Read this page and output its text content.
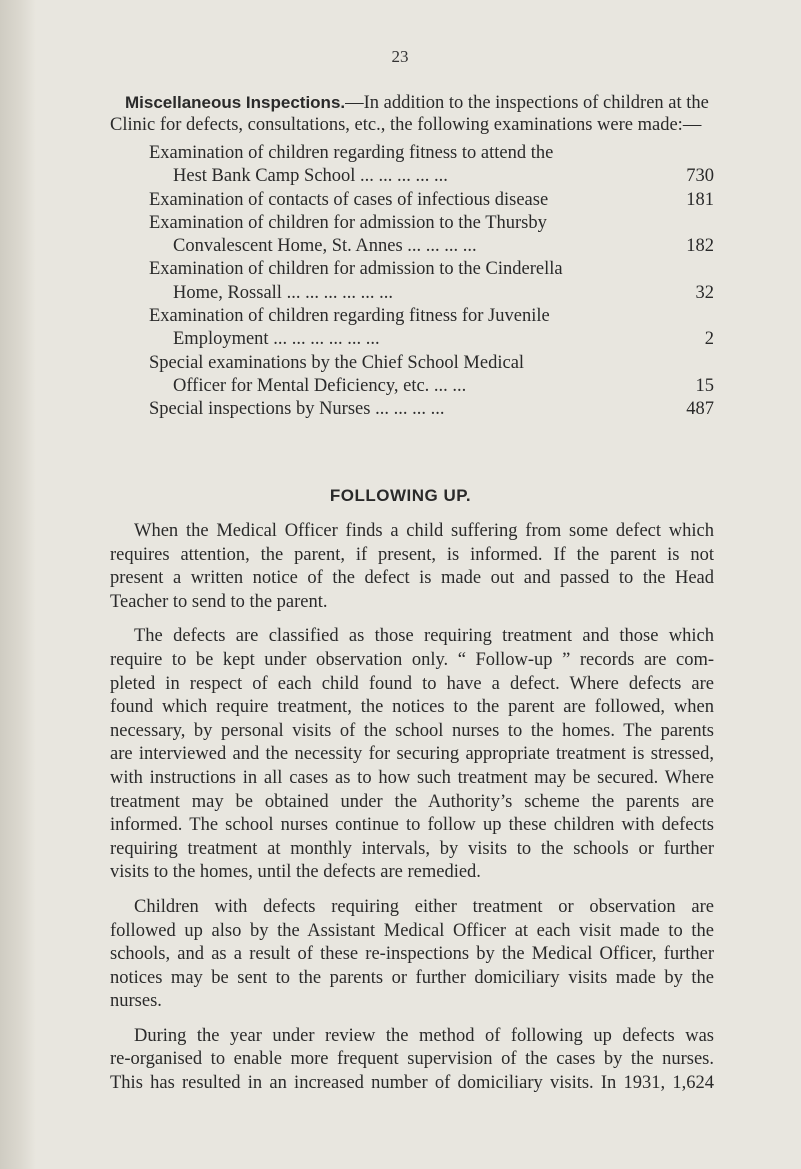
23
Miscellaneous Inspections.—In addition to the inspections of children at the Clinic for defects, consultations, etc., the following examinations were made:—
Examination of children regarding fitness to attend the
Hest Bank Camp School ... ... ... ... ...	730
Examination of contacts of cases of infectious disease	181
Examination of children for admission to the Thursby
Convalescent Home, St. Annes ... ... ... ...	182
Examination of children for admission to the Cinderella
Home, Rossall ... ... ... ... ... ...	32
Examination of children regarding fitness for Juvenile
Employment ... ... ... ... ... ...	2
Special examinations by the Chief School Medical
Officer for Mental Deficiency, etc. ... ...	15
Special inspections by Nurses ... ... ... ...	487
FOLLOWING UP.
When the Medical Officer finds a child suffering from some defect which
requires attention, the parent, if present, is informed. If the parent is not
present a written notice of the defect is made out and passed to the Head
Teacher to send to the parent.
The defects are classified as those requiring treatment and those which
require to be kept under observation only. “ Follow-up ” records are com-
pleted in respect of each child found to have a defect. Where defects are
found which require treatment, the notices to the parent are followed, when
necessary, by personal visits of the school nurses to the homes. The parents
are interviewed and the necessity for securing appropriate treatment is stressed,
with instructions in all cases as to how such treatment may be secured. Where
treatment may be obtained under the Authority’s scheme the parents are
informed. The school nurses continue to follow up these children with defects
requiring treatment at monthly intervals, by visits to the schools or further
visits to the homes, until the defects are remedied.
Children with defects requiring either treatment or observation are
followed up also by the Assistant Medical Officer at each visit made to the
schools, and as a result of these re-inspections by the Medical Officer, further
notices may be sent to the parents or further domiciliary visits made by the
nurses.
During the year under review the method of following up defects was
re-organised to enable more frequent supervision of the cases by the nurses.
This has resulted in an increased number of domiciliary visits. In 1931, 1,624
